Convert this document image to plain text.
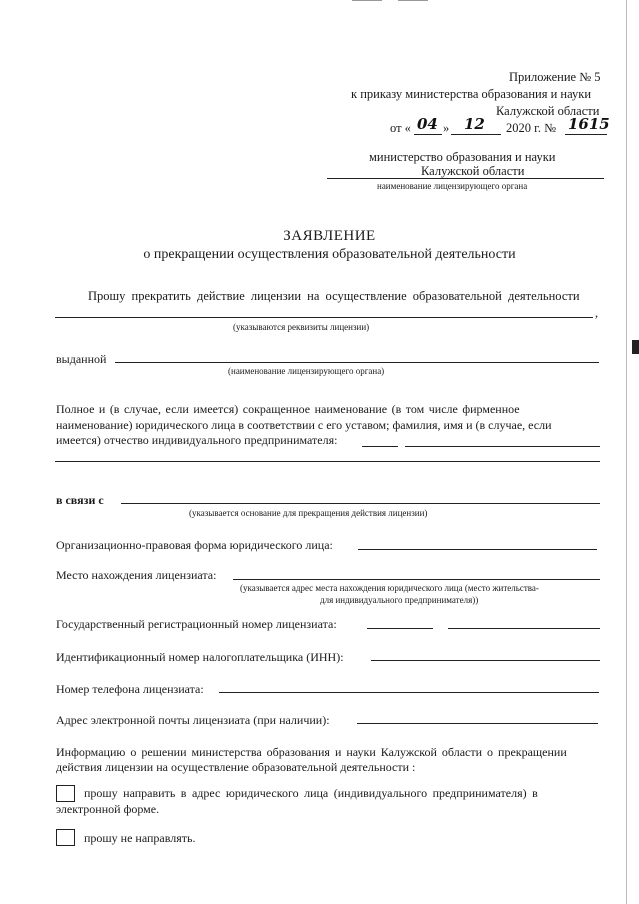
Приложение № 5
к приказу министерства образования и науки
Калужской области
от « 04 » 12 2020 г. № 1615
министерство образования и науки
Калужской области
наименование лицензирующего органа
ЗАЯВЛЕНИЕ
о прекращении осуществления образовательной деятельности
Прошу прекратить действие лицензии на осуществление образовательной деятельности
,
(указываются реквизиты лицензии)
выданной
(наименование лицензирующего органа)
Полное и (в случае, если имеется) сокращенное наименование (в том числе фирменное
наименование) юридического лица в соответствии с его уставом; фамилия, имя и (в случае, если
имеется) отчество индивидуального предпринимателя:
в связи с
(указывается основание для прекращения действия лицензии)
Организационно-правовая форма юридического лица:
Место нахождения лицензиата:
(указывается адрес места нахождения юридического лица (место жительства-
для индивидуального предпринимателя))
Государственный регистрационный номер лицензиата:
Идентификационный номер налогоплательщика (ИНН):
Номер телефона лицензиата:
Адрес электронной почты лицензиата (при наличии):
Информацию о решении министерства образования и науки Калужской области о прекращении
действия лицензии на осуществление образовательной деятельности :
прошу направить в адрес юридического лица (индивидуального предпринимателя) в
электронной форме.
прошу не направлять.
